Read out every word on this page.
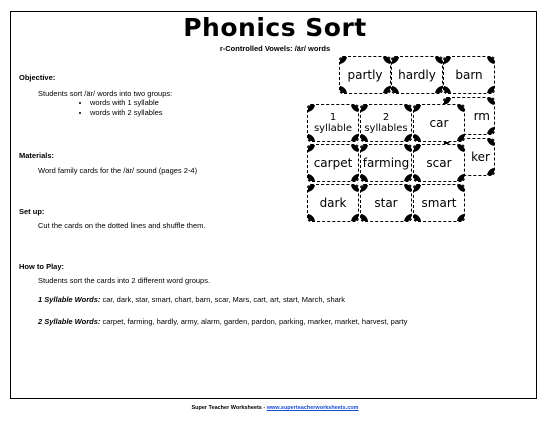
Phonics Sort
r-Controlled Vowels: /är/ words
Objective:
Students sort /är/ words into two groups:
• words with 1 syllable
• words with 2 syllables
Materials:
Word family cards for the /är/ sound (pages 2-4)
Set up:
Cut the cards on the dotted lines and shuffle them.
How to Play:
Students sort the cards into 2 different word groups.
1 Syllable Words: car, dark, star, smart, chart, barn, scar, Mars, cart, art, start, March, shark
2 Syllable Words: carpet, farming, hardly, army, alarm, garden, pardon, parking, marker, market, harvest, party
partly hardly barn
rm
ker
1
syllable
2
syllables car
carpet farming scar
dark star smart
Super Teacher Worksheets - www.superteacherworksheets.com
